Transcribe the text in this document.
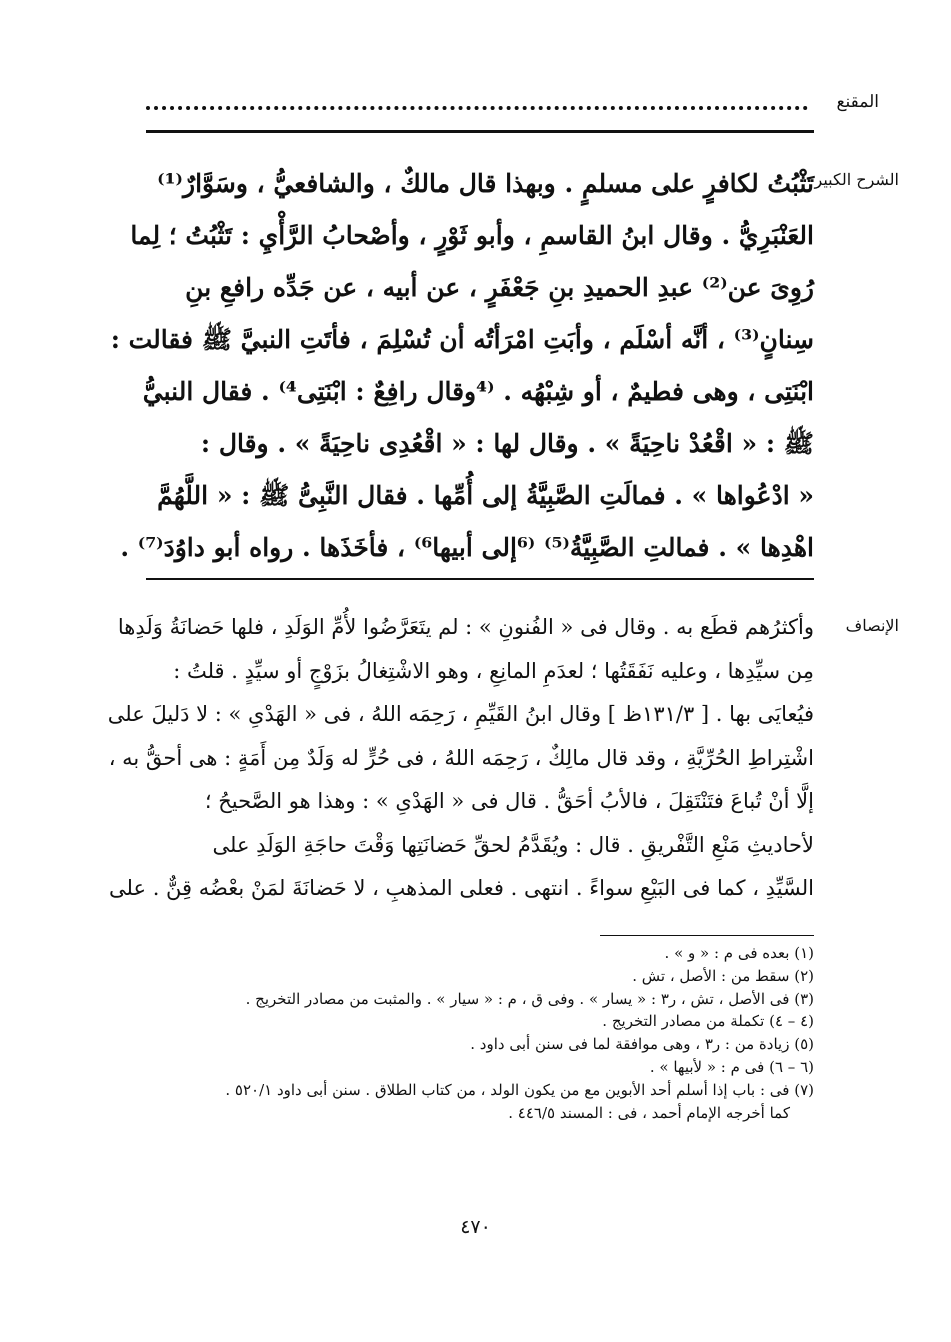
المقنع
الشرح الكبير

تَثْبُتُ لكافرٍ على مسلمٍ . وبهذا قال مالكٌ ، والشافعيُّ ، وسَوَّارٌ⁽¹⁾

العَنْبَرِيُّ . وقال ابنُ القاسمِ ، وأبو ثَوْرٍ ، وأصْحابُ الرَّأْيِ : تَثْبُتُ ؛ لِما

رُوِىَ عن⁽²⁾ عبدِ الحميدِ بنِ جَعْفَرٍ ، عن أبيه ، عن جَدِّه رافعِ بنِ

سِنانٍ⁽³⁾ ، أنَّه أسْلَم ، وأبَتِ امْرَأتُه أن تُسْلِمَ ، فأتَتِ النبيَّ ﷺ فقالت :

ابْنَتِى ، وهى فطيمٌ ، أو شِبْهُه . ⁽⁴وقال رافِعٌ : ابْنَتِى⁴⁾ . فقال النبيُّ

ﷺ : « اقْعُدْ ناحِيَةً » . وقال لها : « اقْعُدِى ناحِيَةً » . وقال :

« ادْعُواها » . فمالَتِ الصَّبِيَّةُ إلى أُمِّها . فقال النَّبِىُّ ﷺ : « اللَّهُمَّ

اهْدِها » . فمالتِ الصَّبِيَّةُ⁽⁵⁾ ⁽⁶إلى أبيها⁶⁾ ، فأخَذَها . رواه أبو داوُدَ⁽⁷⁾ .

الإنصاف

وأكثرُهم قطَع به . وقال فى « الفُنونِ » : لم يتَعَرَّضُوا لأُمِّ الوَلَدِ ، فلها حَضانَةُ وَلَدِها

مِن سيِّدِها ، وعليه نَفَقَتُها ؛ لعدَمِ المانِعِ ، وهو الاشْتِغالُ بزَوْجٍ أو سيِّدٍ . قلتُ :

فيُعايَى بها . [ ١٣١/٣ظ ] وقال ابنُ القَيِّمِ ، رَحِمَه اللهُ ، فى « الهَدْىِ » : لا دَليلَ على

اشْتِراطِ الحُرِّيَّةِ ، وقد قال مالِكٌ ، رَحِمَه اللهُ ، فى حُرٍّ له وَلَدٌ مِن أَمَةٍ : هى أحقُّ به ،

إلَّا أنْ تُباعَ فتَنْتَقِلَ ، فالأبُ أحَقُّ . قال فى « الهَدْىِ » : وهذا هو الصَّحيحُ ؛

لأحاديثِ مَنْعِ التَّفْريقِ . قال : ويُقَدَّمُ لحقِّ حَضانَتِها وَقْتَ حاجَةِ الوَلَدِ على

السَّيِّدِ ، كما فى البَيْعِ سواءً . انتهى . فعلى المذهبِ ، لا حَضانَةَ لمَنْ بعْضُه قِنٌّ . على

(١) بعده فى م : « و » .
(٢) سقط من : الأصل ، تش .
(٣) فى الأصل ، تش ، ر٣ : « يسار » . وفى ق ، م : « سيار » . والمثبت من مصادر التخريج .
(٤ – ٤) تكملة من مصادر التخريج .
(٥) زيادة من : ر٣ ، وهى موافقة لما فى سنن أبى داود .
(٦ – ٦) فى م : « لأبيها » .
(٧) فى : باب إذا أسلم أحد الأبوين مع من يكون الولد ، من كتاب الطلاق . سنن أبى داود ٥٢٠/١ .
كما أخرجه الإمام أحمد ، فى : المسند ٤٤٦/٥ .
٤٧٠
